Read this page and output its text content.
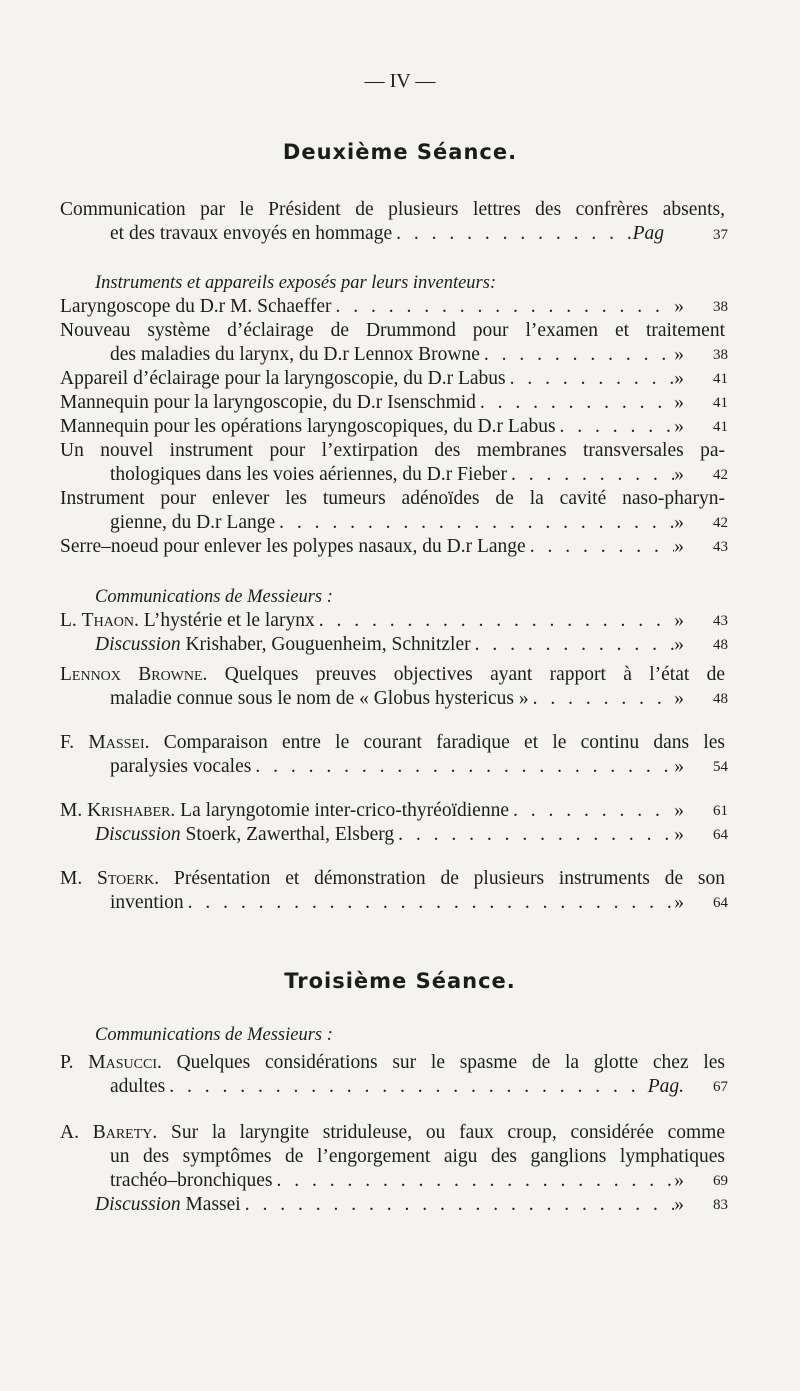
— IV —
Deuxième Séance.
Communication par le Président de plusieurs lettres des confrères absents,
et des travaux envoyés en hommage . . .	Pag	37
Instruments et appareils exposés par leurs inventeurs:
Laryngoscope du D.r M. Schaeffer . . .	»	38
Nouveau système d’éclairage de Drummond pour l’examen et traitement
des maladies du larynx, du D.r Lennox Browne . . .	»	38
Appareil d’éclairage pour la laryngoscopie, du D.r Labus . . .	»	41
Mannequin pour la laryngoscopie, du D.r Isenschmid . . .	»	41
Mannequin pour les opérations laryngoscopiques, du D.r Labus . . .	»	41
Un nouvel instrument pour l’extirpation des membranes transversales pa-
thologiques dans les voies aériennes, du D.r Fieber . . .	»	42
Instrument pour enlever les tumeurs adénoïdes de la cavité naso-pharyn-
gienne, du D.r Lange . . .	»	42
Serre–noeud pour enlever les polypes nasaux, du D.r Lange . . .	»	43
Communications de Messieurs :
L. Thaon. L’hystérie et le larynx . . .	»	43
Discussion Krishaber, Gouguenheim, Schnitzler . . .	»	48
Lennox Browne. Quelques preuves objectives ayant rapport à l’état de
maladie connue sous le nom de « Globus hystericus » . . .	»	48
F. Massei. Comparaison entre le courant faradique et le continu dans les
paralysies vocales . . .	»	54
M. Krishaber. La laryngotomie inter-crico-thyréoïdienne . . .	»	61
Discussion Stoerk, Zawerthal, Elsberg . . .	»	64
M. Stoerk. Présentation et démonstration de plusieurs instruments de son
invention . . .	»	64
Troisième Séance.
Communications de Messieurs :
P. Masucci. Quelques considérations sur le spasme de la glotte chez les
adultes . . .	Pag.	67
A. Barety. Sur la laryngite striduleuse, ou faux croup, considérée comme
un des symptômes de l’engorgement aigu des ganglions lymphatiques
trachéo–bronchiques . . .	»	69
Discussion Massei . . .	»	83
